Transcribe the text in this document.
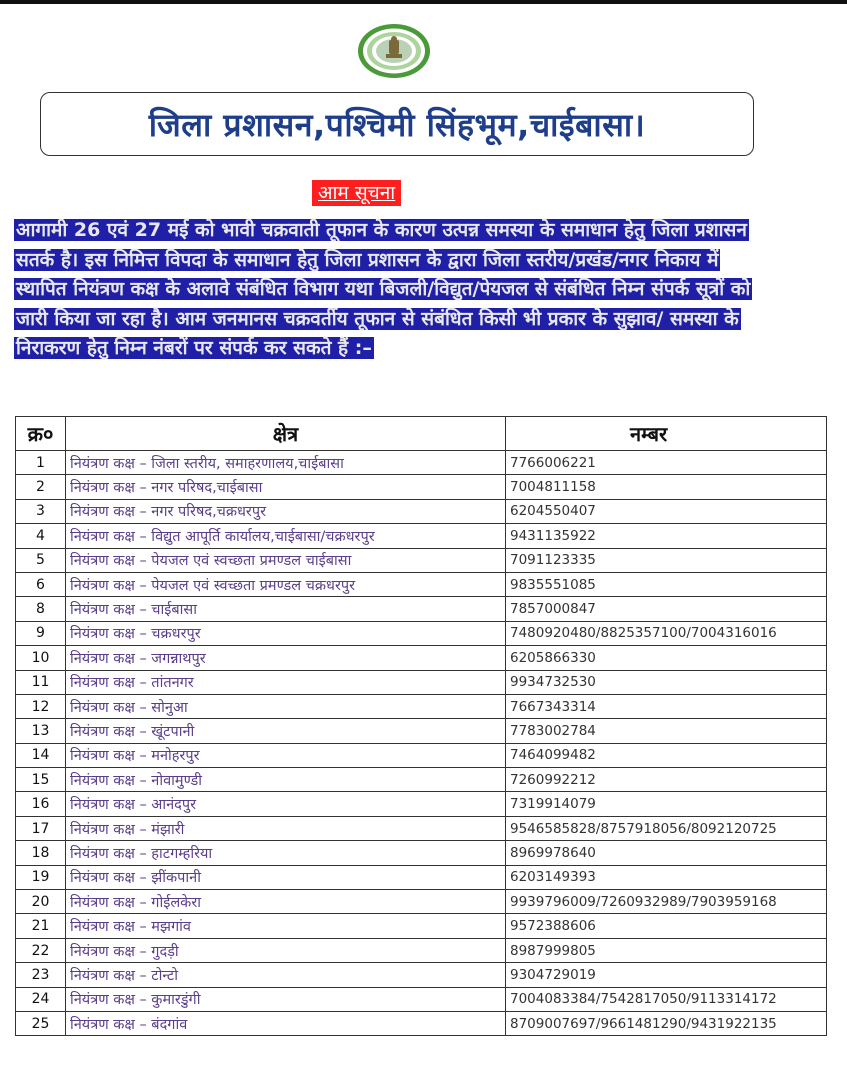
जिला प्रशासन,पश्चिमी सिंहभूम,चाईबासा।
आम सूचना
आगामी 26 एवं 27 मई को भावी चक्रवाती तूफान के कारण उत्पन्न समस्या के समाधान हेतु जिला प्रशासन सतर्क है। इस निमित्त विपदा के समाधान हेतु जिला प्रशासन के द्वारा जिला स्तरीय/प्रखंड/नगर निकाय में स्थापित नियंत्रण कक्ष के अलावे संबंधित विभाग यथा बिजली/विद्युत/पेयजल से संबंधित निम्न संपर्क सूत्रों को जारी किया जा रहा है। आम जनमानस चक्रवर्तीय तूफान से संबंधित किसी भी प्रकार के सुझाव/ समस्या के निराकरण हेतु निम्न नंबरों पर संपर्क कर सकते हैं :–
क्र०	क्षेत्र	नम्बर
1	नियंत्रण कक्ष – जिला स्तरीय, समाहरणालय,चाईबासा	7766006221
2	नियंत्रण कक्ष – नगर परिषद,चाईबासा	7004811158
3	नियंत्रण कक्ष – नगर परिषद,चक्रधरपुर	6204550407
4	नियंत्रण कक्ष – विद्युत आपूर्ति कार्यालय,चाईबासा/चक्रधरपुर	9431135922
5	नियंत्रण कक्ष – पेयजल एवं स्वच्छता प्रमण्डल चाईबासा	7091123335
6	नियंत्रण कक्ष – पेयजल एवं स्वच्छता प्रमण्डल चक्रधरपुर	9835551085
8	नियंत्रण कक्ष – चाईबासा	7857000847
9	नियंत्रण कक्ष – चक्रधरपुर	7480920480/8825357100/7004316016
10	नियंत्रण कक्ष – जगन्नाथपुर	6205866330
11	नियंत्रण कक्ष – तांतनगर	9934732530
12	नियंत्रण कक्ष – सोनुआ	7667343314
13	नियंत्रण कक्ष – खूंटपानी	7783002784
14	नियंत्रण कक्ष – मनोहरपुर	7464099482
15	नियंत्रण कक्ष – नोवामुण्डी	7260992212
16	नियंत्रण कक्ष – आनंदपुर	7319914079
17	नियंत्रण कक्ष – मंझारी	9546585828/8757918056/8092120725
18	नियंत्रण कक्ष – हाटगम्हरिया	8969978640
19	नियंत्रण कक्ष – झींकपानी	6203149393
20	नियंत्रण कक्ष – गोईलकेरा	9939796009/7260932989/7903959168
21	नियंत्रण कक्ष – मझगांव	9572388606
22	नियंत्रण कक्ष – गुदड़ी	8987999805
23	नियंत्रण कक्ष – टोन्टो	9304729019
24	नियंत्रण कक्ष – कुमारडुंगी	7004083384/7542817050/9113314172
25	नियंत्रण कक्ष – बंदगांव	8709007697/9661481290/9431922135
